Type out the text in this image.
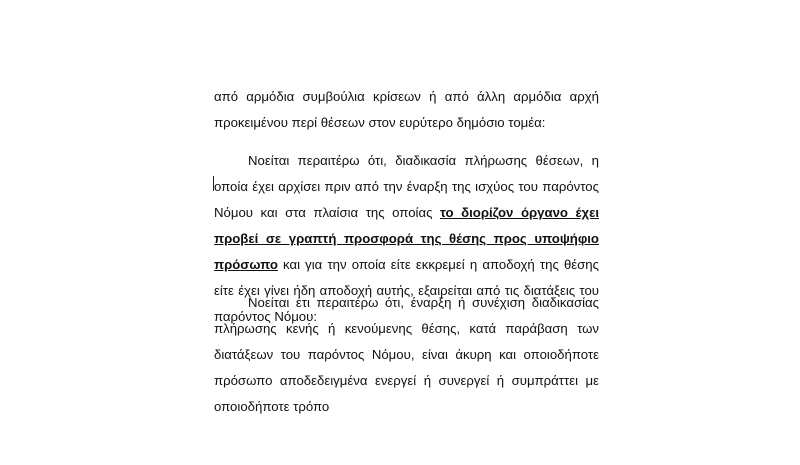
από αρμόδια συμβούλια κρίσεων ή από άλλη αρμόδια αρχή προκειμένου περί θέσεων στον ευρύτερο δημόσιο τομέα:

Νοείται περαιτέρω ότι, διαδικασία πλήρωσης θέσεων, η οποία έχει αρχίσει πριν από την έναρξη της ισχύος του παρόντος Νόμου και στα πλαίσια της οποίας το διορίζον όργανο έχει προβεί σε γραπτή προσφορά της θέσης προς υποψήφιο πρόσωπο και για την οποία είτε εκκρεμεί η αποδοχή της θέσης είτε έχει γίνει ήδη αποδοχή αυτής, εξαιρείται από τις διατάξεις του παρόντος Νόμου:

Νοείται έτι περαιτέρω ότι, έναρξη ή συνέχιση διαδικασίας πλήρωσης κενής ή κενούμενης θέσης, κατά παράβαση των διατάξεων του παρόντος Νόμου, είναι άκυρη και οποιοδήποτε πρόσωπο αποδεδειγμένα ενεργεί ή συνεργεί ή συμπράττει με οποιοδήποτε τρόπο
